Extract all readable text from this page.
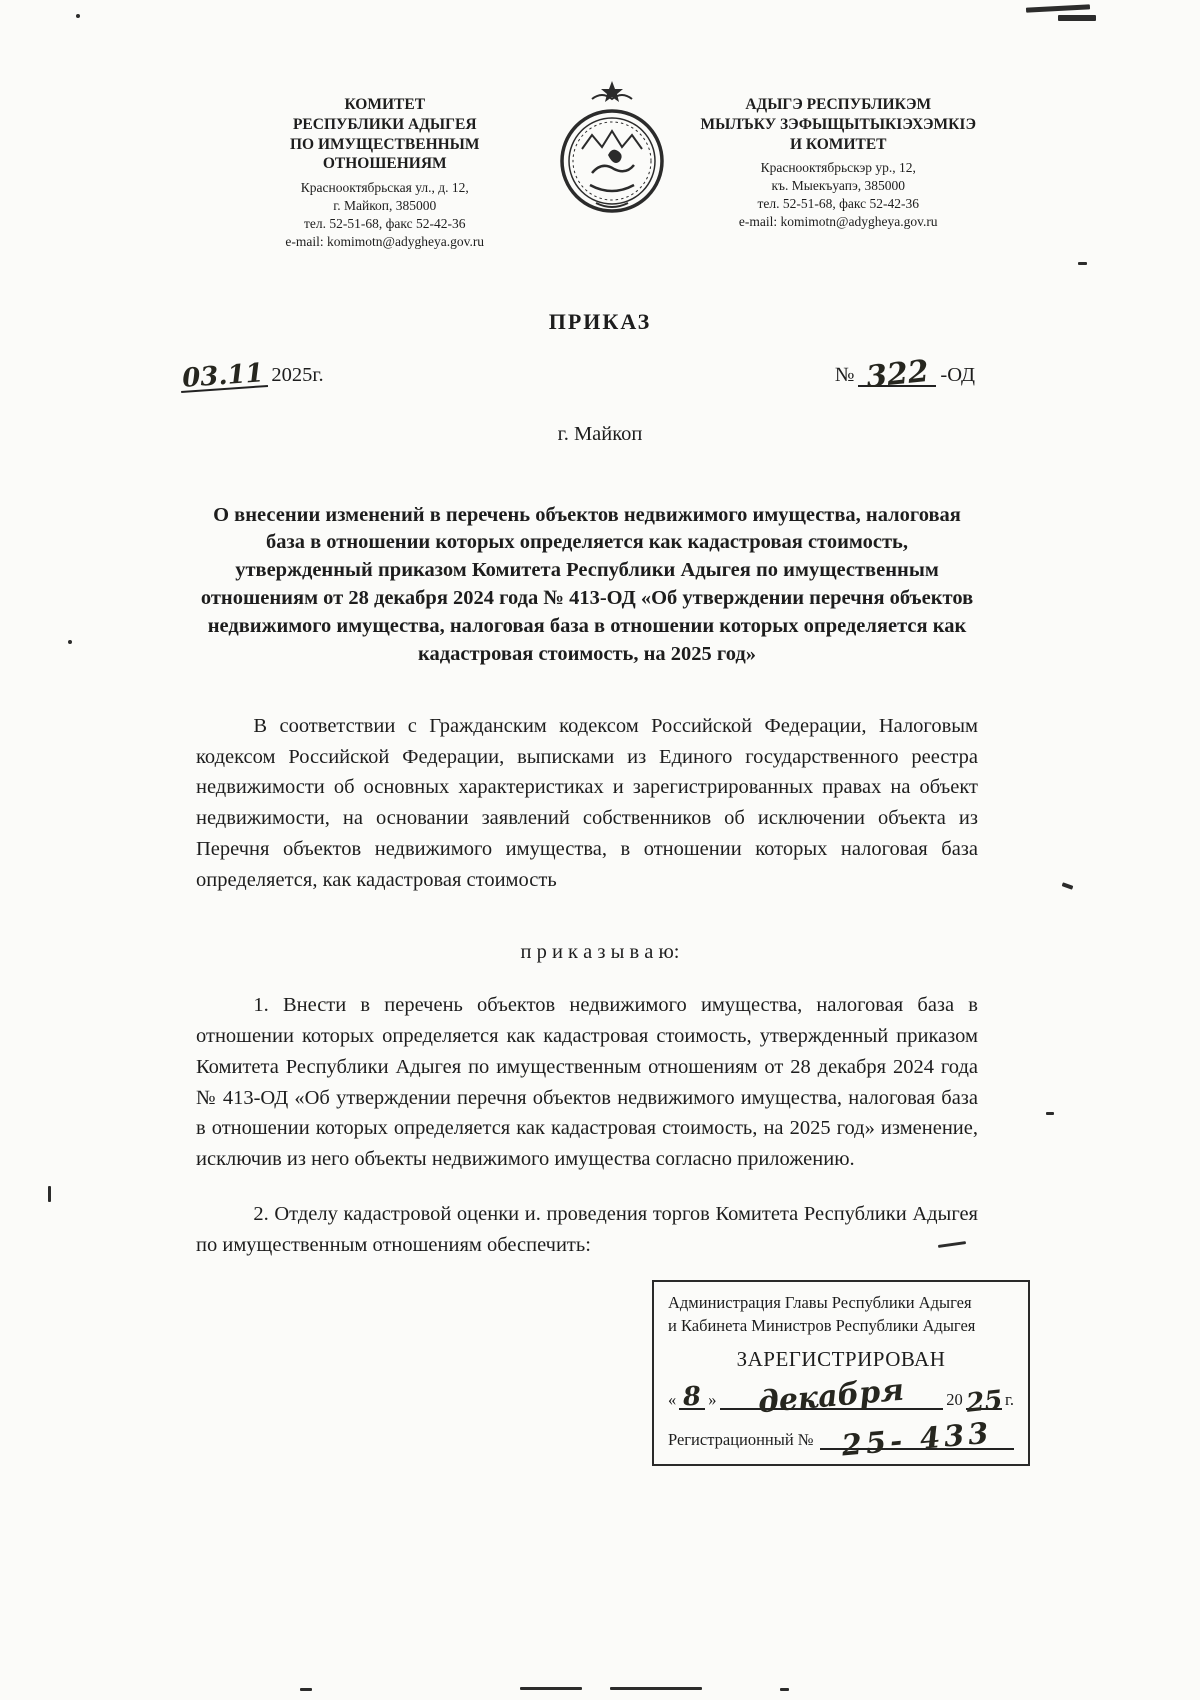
КОМИТЕТ
РЕСПУБЛИКИ АДЫГЕЯ
ПО ИМУЩЕСТВЕННЫМ ОТНОШЕНИЯМ
Краснооктябрьская ул., д. 12,
г. Майкоп, 385000
тел. 52-51-68, факс 52-42-36
e-mail: komimotn@adygheya.gov.ru
АДЫГЭ РЕСПУБЛИКЭМ
МЫЛЪКУ ЗЭФЫЩЫТЫКIЭХЭМКIЭ
И КОМИТЕТ
Краснооктябрьскэр ур., 12,
къ. Мыекъуапэ, 385000
тел. 52-51-68, факс 52-42-36
e-mail: komimotn@adygheya.gov.ru
ПРИКАЗ
03.11 2025г.	№ 322 -ОД
г. Майкоп

О внесении изменений в перечень объектов недвижимого имущества, налоговая база в отношении которых определяется как кадастровая стоимость, утвержденный приказом Комитета Республики Адыгея по имущественным отношениям от 28 декабря 2024 года № 413-ОД «Об утверждении перечня объектов недвижимого имущества, налоговая база в отношении которых определяется как кадастровая стоимость, на 2025 год»

В соответствии с Гражданским кодексом Российской Федерации, Налоговым кодексом Российской Федерации, выписками из Единого государственного реестра недвижимости об основных характеристиках и зарегистрированных правах на объект недвижимости, на основании заявлений собственников об исключении объекта из Перечня объектов недвижимого имущества, в отношении которых налоговая база определяется, как кадастровая стоимость

п р и к а з ы в а ю:

1. Внести в перечень объектов недвижимого имущества, налоговая база в отношении которых определяется как кадастровая стоимость, утвержденный приказом Комитета Республики Адыгея по имущественным отношениям от 28 декабря 2024 года № 413-ОД «Об утверждении перечня объектов недвижимого имущества, налоговая база в отношении которых определяется как кадастровая стоимость, на 2025 год» изменение, исключив из него объекты недвижимого имущества согласно приложению.

2. Отделу кадастровой оценки и. проведения торгов Комитета Республики Адыгея по имущественным отношениям обеспечить:

Администрация Главы Республики Адыгея
и Кабинета Министров Республики Адыгея
ЗАРЕГИСТРИРОВАН
« 8 » декабря 20 25 г.
Регистрационный № 25- 433
